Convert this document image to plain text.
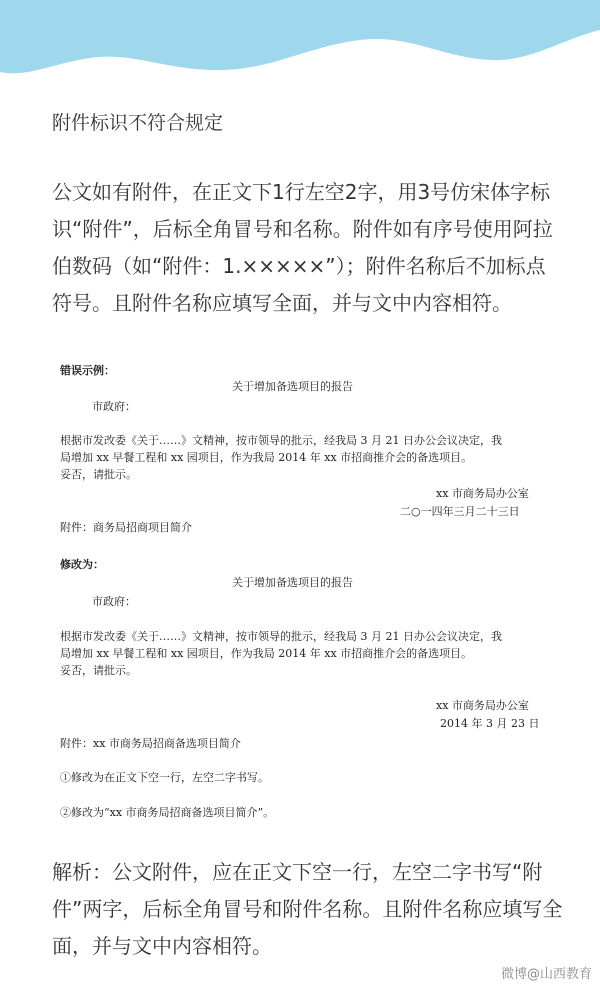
附件标识不符合规定
公文如有附件，在正文下1行左空2字，用3号仿宋体字标识“附件”，后标全角冒号和名称。附件如有序号使用阿拉伯数码（如“附件：1.×××××”）；附件名称后不加标点符号。且附件名称应填写全面，并与文中内容相符。
错误示例：
关于增加备选项目的报告
市政府：
根据市发改委《关于……》文精神，按市领导的批示，经我局 3 月 21 日办公会议决定，我
局增加 xx 早餐工程和 xx 园项目，作为我局 2014 年 xx 市招商推介会的备选项目。
妥否，请批示。
xx 市商务局办公室
二○一四年三月二十三日
附件：商务局招商项目简介
修改为：
关于增加备选项目的报告
市政府：
根据市发改委《关于……》文精神，按市领导的批示，经我局 3 月 21 日办公会议决定，我
局增加 xx 早餐工程和 xx 园项目，作为我局 2014 年 xx 市招商推介会的备选项目。
妥否，请批示。
xx 市商务局办公室
2014 年 3 月 23 日
附件：xx 市商务局招商备选项目简介
①修改为在正文下空一行，左空二字书写。
②修改为“xx 市商务局招商备选项目简介”。
解析：公文附件，应在正文下空一行，左空二字书写“附件”两字，后标全角冒号和附件名称。且附件名称应填写全面，并与文中内容相符。
微博@山西教育
